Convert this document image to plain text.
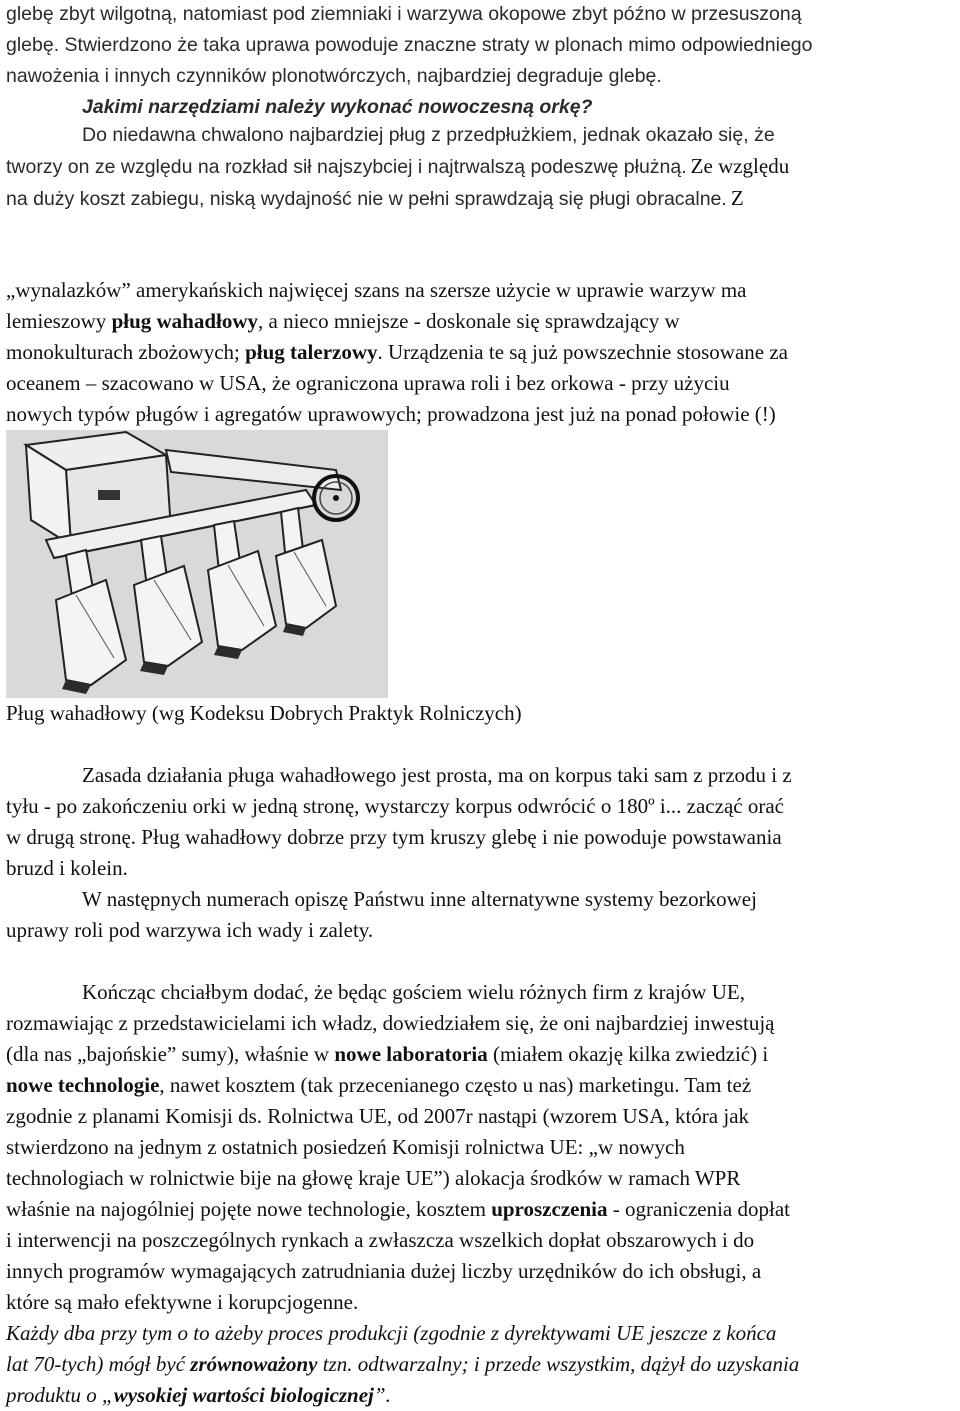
glebę zbyt wilgotną, natomiast pod ziemniaki i warzywa okopowe zbyt późno w przesuszoną
glebę. Stwierdzono że taka uprawa powoduje znaczne straty w plonach mimo odpowiedniego
nawożenia i innych czynników plonotwórczych, najbardziej degraduje glebę.
Jakimi narzędziami należy wykonać nowoczesną orkę?
Do niedawna chwalono najbardziej pług z przedpłużkiem, jednak okazało się, że
tworzy on ze względu na rozkład sił najszybciej i najtrwalszą podeszwę płużną. Ze względu
na duży koszt zabiegu, niską wydajność nie w pełni sprawdzają się pługi obracalne. Z
„wynalazków” amerykańskich najwięcej szans na szersze użycie w uprawie warzyw ma
lemieszowy pług wahadłowy, a nieco mniejsze - doskonale się sprawdzający w
monokulturach zbożowych; pług talerzowy. Urządzenia te są już powszechnie stosowane za
oceanem – szacowano w USA, że ograniczona uprawa roli i bez orkowa - przy użyciu
nowych typów pługów i agregatów uprawowych; prowadzona jest już na ponad połowie (!)
Pług wahadłowy (wg Kodeksu Dobrych Praktyk Rolniczych)
Zasada działania pługa wahadłowego jest prosta, ma on korpus taki sam z przodu i z
tyłu - po zakończeniu orki w jedną stronę, wystarczy korpus odwrócić o 180º i... zacząć orać
w drugą stronę. Pług wahadłowy dobrze przy tym kruszy glebę i nie powoduje powstawania
bruzd i kolein.
W następnych numerach opiszę Państwu inne alternatywne systemy bezorkowej
uprawy roli pod warzywa ich wady i zalety.
Kończąc chciałbym dodać, że będąc gościem wielu różnych firm z krajów UE,
rozmawiając z przedstawicielami ich władz, dowiedziałem się, że oni najbardziej inwestują
(dla nas „bajońskie” sumy), właśnie w nowe laboratoria (miałem okazję kilka zwiedzić) i
nowe technologie, nawet kosztem (tak przecenianego często u nas) marketingu. Tam też
zgodnie z planami Komisji ds. Rolnictwa UE, od 2007r nastąpi (wzorem USA, która jak
stwierdzono na jednym z ostatnich posiedzeń Komisji rolnictwa UE: „w nowych
technologiach w rolnictwie bije na głowę kraje UE”) alokacja środków w ramach WPR
właśnie na najogólniej pojęte nowe technologie, kosztem uproszczenia - ograniczenia dopłat
i interwencji na poszczególnych rynkach a zwłaszcza wszelkich dopłat obszarowych i do
innych programów wymagających zatrudniania dużej liczby urzędników do ich obsługi, a
które są mało efektywne i korupcjogenne.
Każdy dba przy tym o to ażeby proces produkcji (zgodnie z dyrektywami UE jeszcze z końca
lat 70-tych) mógł być zrównoważony tzn. odtwarzalny; i przede wszystkim, dążył do uzyskania
produktu o „wysokiej wartości biologicznej”.
